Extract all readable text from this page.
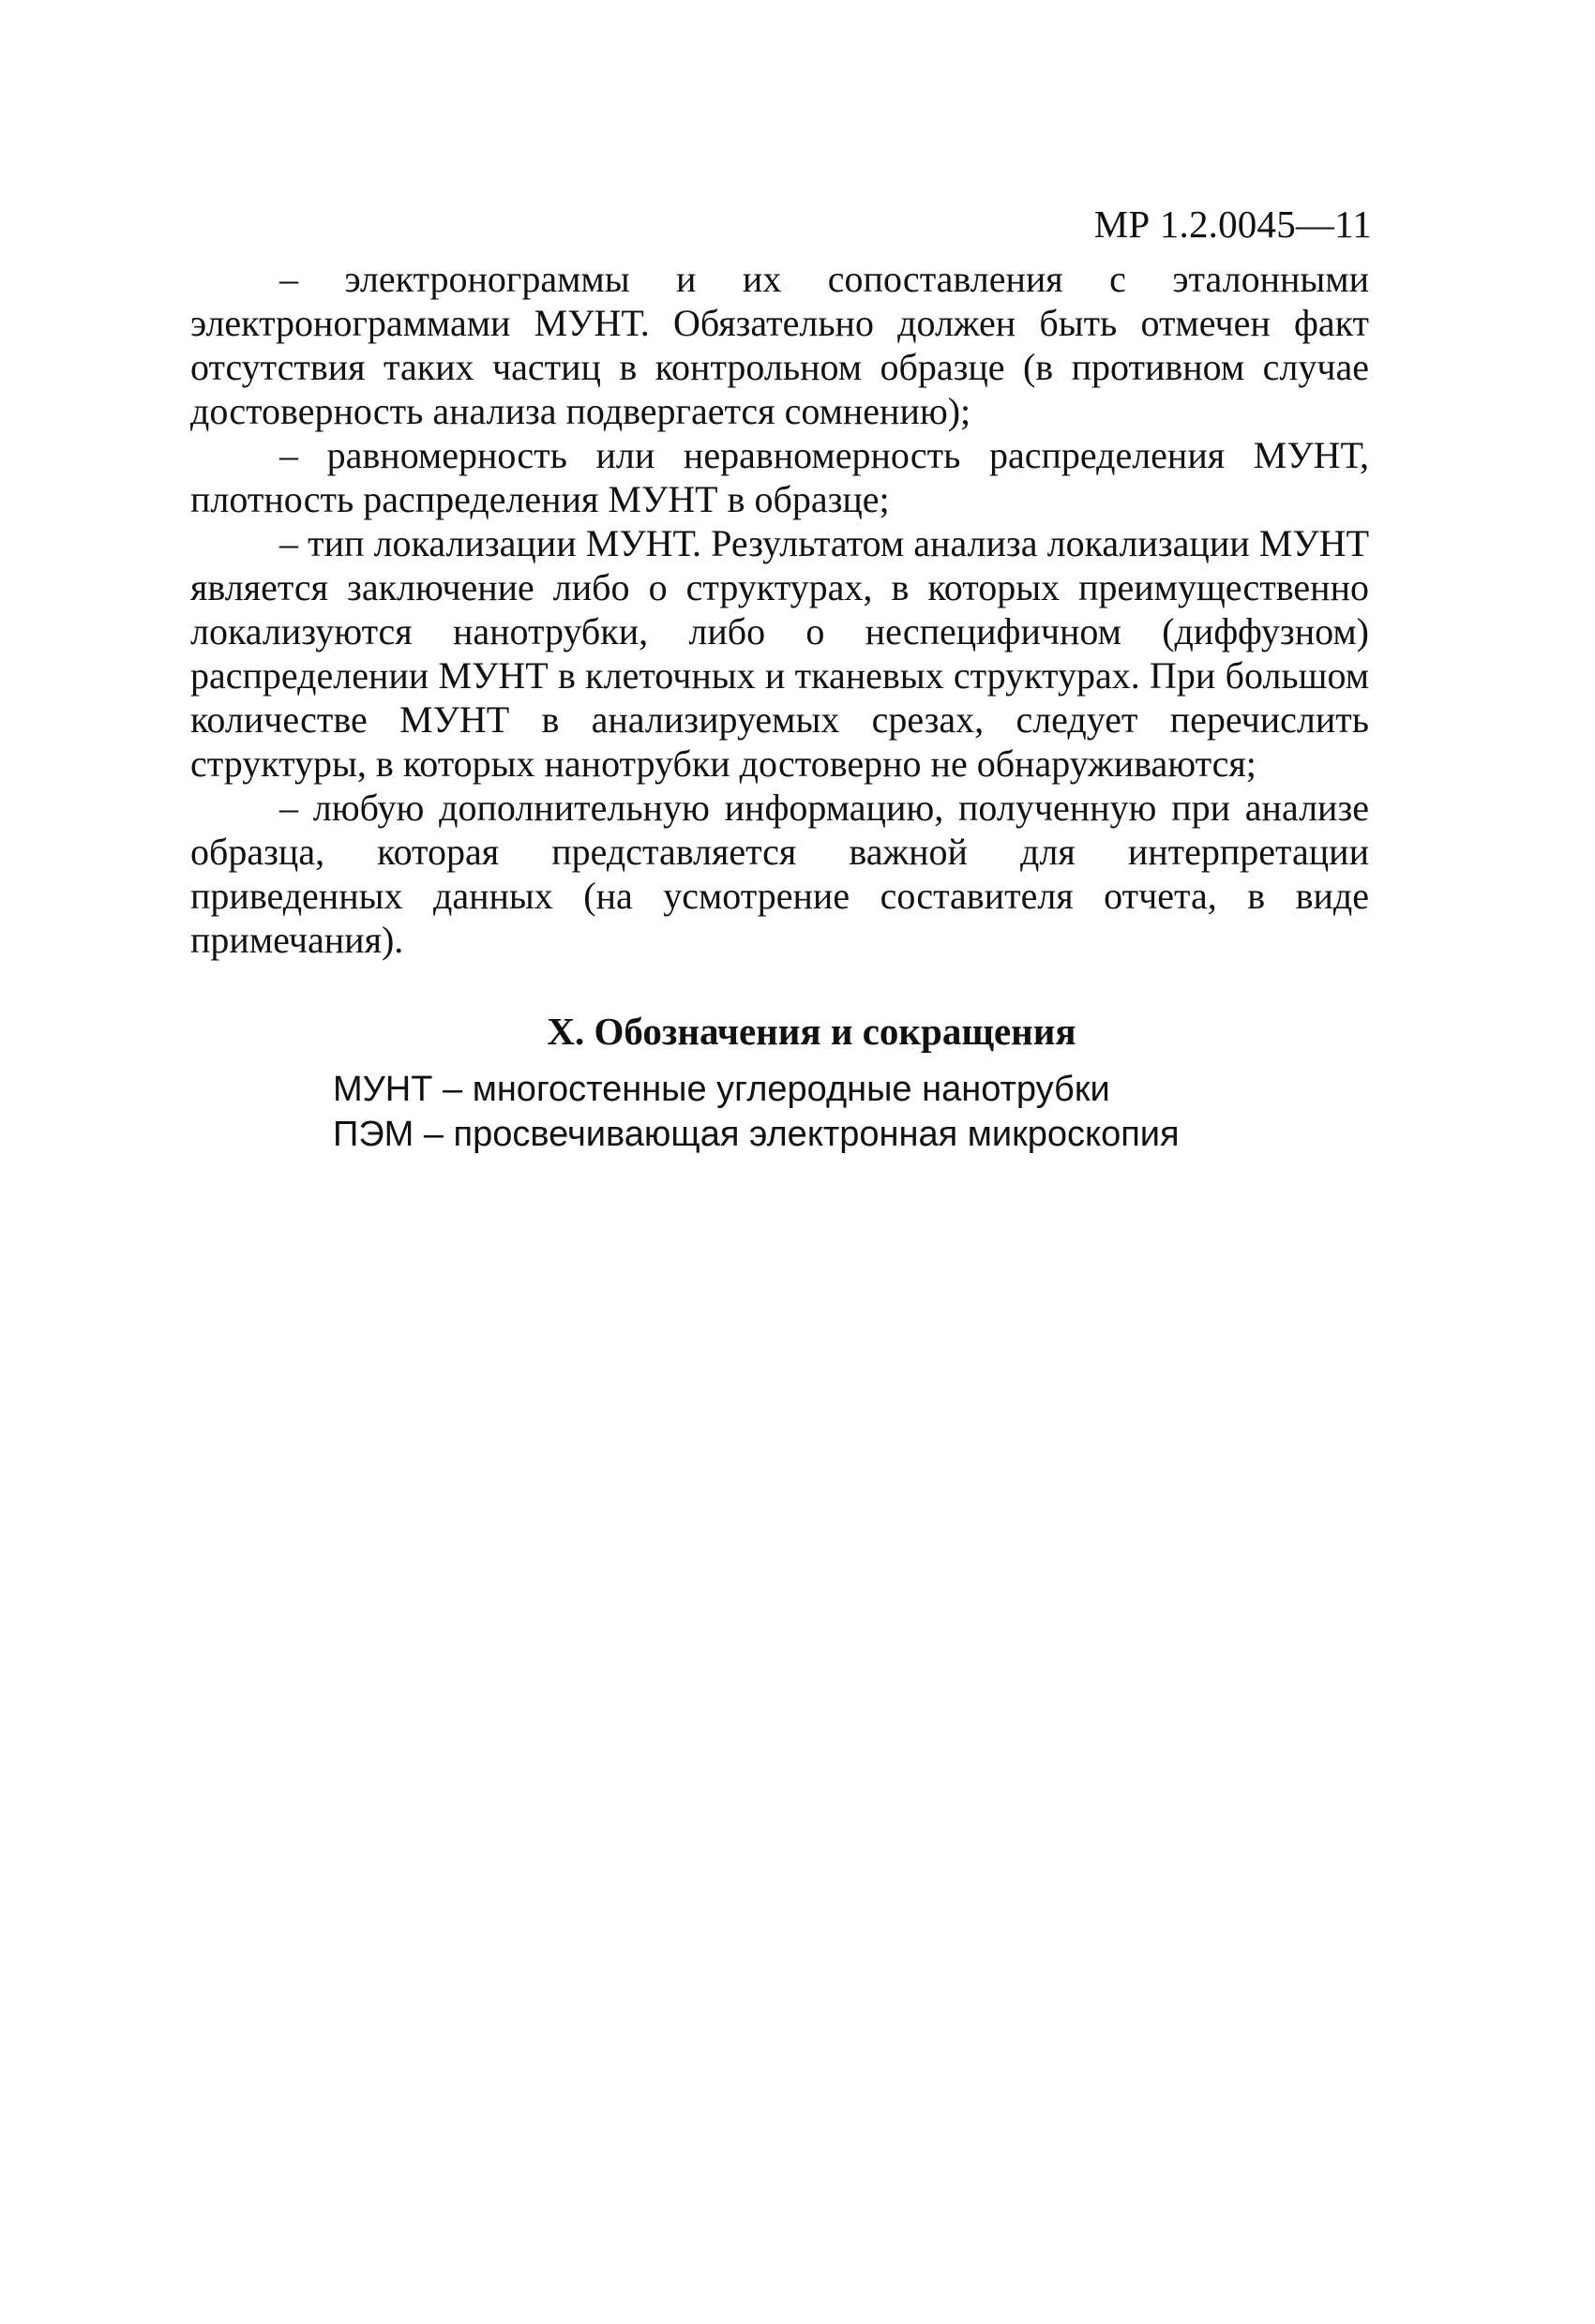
МР 1.2.0045—11

– электронограммы и их сопоставления с эталонными электронограммами МУНТ. Обязательно должен быть отмечен факт отсутствия таких частиц в контрольном образце (в противном случае достоверность анализа подвергается сомнению);

– равномерность или неравномерность распределения МУНТ, плотность распределения МУНТ в образце;

– тип локализации МУНТ. Результатом анализа локализации МУНТ является заключение либо о структурах, в которых преимущественно локализуются нанотрубки, либо о неспецифичном (диффузном) распределении МУНТ в клеточных и тканевых структурах. При большом количестве МУНТ в анализируемых срезах, следует перечислить структуры, в которых нанотрубки достоверно не обнаруживаются;

– любую дополнительную информацию, полученную при анализе образца, которая представляется важной для интерпретации приведенных данных (на усмотрение составителя отчета, в виде примечания).

X. Обозначения и сокращения
МУНТ – многостенные углеродные нанотрубки
ПЭМ – просвечивающая электронная микроскопия
